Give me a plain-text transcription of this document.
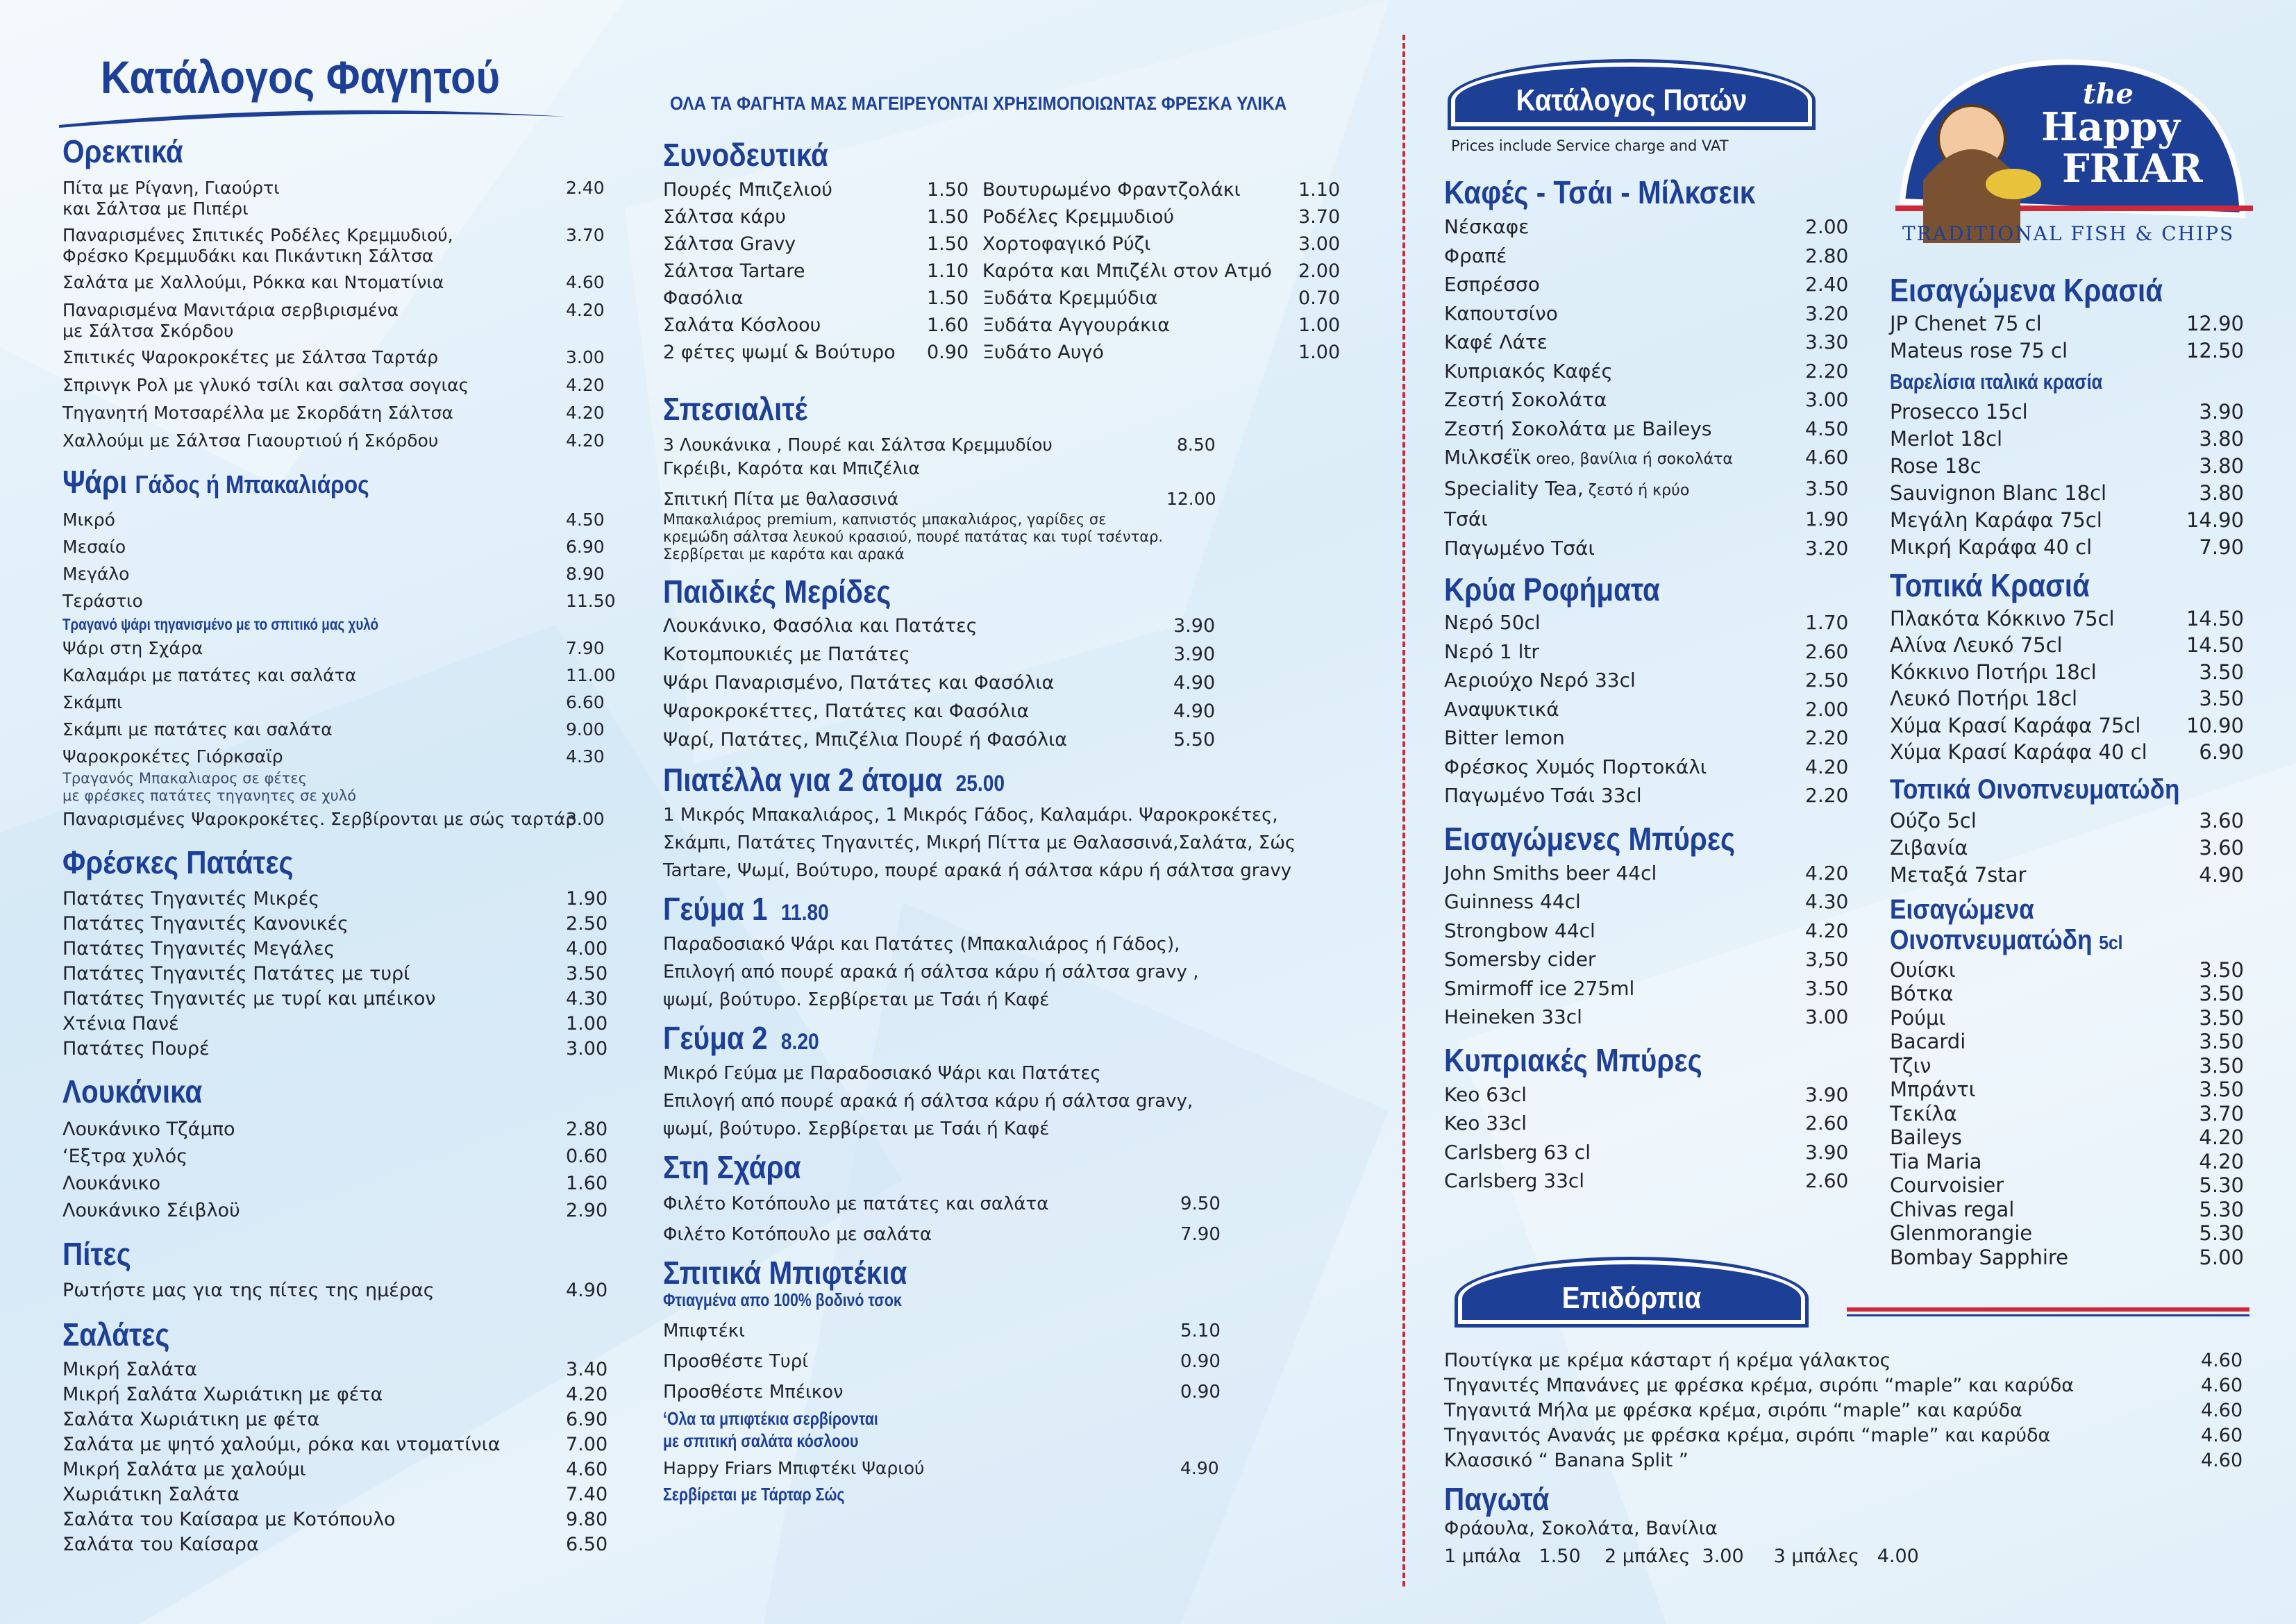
Κατάλογος Φαγητού
ΟΛΑ ΤΑ ΦΑΓΗΤΑ ΜΑΣ ΜΑΓΕΙΡΕΥΟΝΤΑΙ ΧΡΗΣΙΜΟΠΟΙΩΝΤΑΣ ΦΡΕΣΚΑ ΥΛΙΚΑ
Ορεκτικά
Πίτα με Ρίγανη, Γιαούρτι	2.40
και Σάλτσα με Πιπέρι
Παναρισμένες Σπιτικές Ροδέλες Κρεμμυδιού,	3.70
Φρέσκο Κρεμμυδάκι και Πικάντικη Σάλτσα
Σαλάτα με Χαλλούμι, Ρόκκα και Ντοματίνια	4.60
Παναρισμένα Μανιτάρια σερβιρισμένα	4.20
με Σάλτσα Σκόρδου
Σπιτικές Ψαροκροκέτες με Σάλτσα Ταρτάρ	3.00
Σπρινγκ Ρολ με γλυκό τσίλι και σαλτσα σογιας	4.20
Τηγανητή Μοτσαρέλλα με Σκορδάτη Σάλτσα	4.20
Χαλλούμι με Σάλτσα Γιαουρτιού ή Σκόρδου	4.20
Ψάρι Γάδος ή Μπακαλιάρος
Μικρό	4.50
Μεσαίο	6.90
Μεγάλο	8.90
Τεράστιο	11.50
Τραγανό ψάρι τηγανισμένο με το σπιτικό μας χυλό
Ψάρι στη Σχάρα	7.90
Καλαμάρι με πατάτες και σαλάτα	11.00
Σκάμπι	6.60
Σκάμπι με πατάτες και σαλάτα	9.00
Ψαροκροκέτες Γιόρκσαϊρ	4.30
Τραγανός Μπακαλιαρος σε φέτες
με φρέσκες πατάτες τηγανητες σε χυλό
Παναρισμένες Ψαροκροκέτες. Σερβίρονται με σώς ταρτάρ
3.00
Φρέσκες Πατάτες
Πατάτες Τηγανιτές Μικρές	1.90
Πατάτες Τηγανιτές Κανονικές	2.50
Πατάτες Τηγανιτές Μεγάλες	4.00
Πατάτες Τηγανιτές Πατάτες με τυρί	3.50
Πατάτες Τηγανιτές με τυρί και μπέικον	4.30
Χτένια Πανέ	1.00
Πατάτες Πουρέ	3.00
Λουκάνικα
Λουκάνικο Τζάμπο	2.80
‘Εξτρα χυλός	0.60
Λουκάνικο	1.60
Λουκάνικο Σέιβλοϋ	2.90
Πίτες
Ρωτήστε μας για της πίτες της ημέρας	4.90
Σαλάτες
Μικρή Σαλάτα	3.40
Μικρή Σαλάτα Χωριάτικη με φέτα	4.20
Σαλάτα Χωριάτικη με φέτα	6.90
Σαλάτα με ψητό χαλούμι, ρόκα και ντοματίνια	7.00
Μικρή Σαλάτα με χαλούμι	4.60
Χωριάτικη Σαλάτα	7.40
Σαλάτα του Καίσαρα με Κοτόπουλο	9.80
Σαλάτα του Καίσαρα	6.50
Συνοδευτικά
Πουρές Μπιζελιού	1.50
Σάλτσα κάρυ	1.50
Σάλτσα Gravy	1.50
Σάλτσα Tartare	1.10
Φασόλια	1.50
Σαλάτα Κόσλοου	1.60
2 φέτες ψωμί & Βούτυρο 0.90
Βουτυρωμένο Φραντζολάκι	1.10
Ροδέλες Κρεμμυδιού	3.70
Χορτοφαγικό Ρύζι	3.00
Καρότα και Μπιζέλι στον Ατμό 2.00
Ξυδάτα Κρεμμύδια	0.70
Ξυδάτα Αγγουράκια	1.00
Ξυδάτο Αυγό	1.00
Σπεσιαλιτέ
3 Λουκάνικα , Πουρέ και Σάλτσα Κρεμμυδίου	8.50
Γκρέιβι, Καρότα και Μπιζέλια
Σπιτική Πίτα με θαλασσινά	12.00
Μπακαλιάρος premium, καπνιστός μπακαλιάρος, γαρίδες σε
κρεμώδη σάλτσα λευκού κρασιού, πουρέ πατάτας και τυρί τσένταρ.
Σερβίρεται με καρότα και αρακά
Παιδικές Μερίδες
Λουκάνικο, Φασόλια και Πατάτες	3.90
Κοτομπουκιές με Πατάτες	3.90
Ψάρι Παναρισμένο, Πατάτες και Φασόλια	4.90
Ψαροκροκέττες, Πατάτες και Φασόλια	4.90
Ψαρί, Πατάτες, Μπιζέλια Πουρέ ή Φασόλια	5.50
Πιατέλλα για 2 άτομα 25.00
1 Μικρός Μπακαλιάρος, 1 Μικρός Γάδος, Καλαμάρι. Ψαροκροκέτες,
Σκάμπι, Πατάτες Τηγανιτές, Μικρή Πίττα με Θαλασσινά,Σαλάτα, Σώς
Tartare, Ψωμί, Βούτυρο, πουρέ αρακά ή σάλτσα κάρυ ή σάλτσα gravy
Γεύμα 1 11.80
Παραδοσιακό Ψάρι και Πατάτες (Μπακαλιάρος ή Γάδος),
Επιλογή από πουρέ αρακά ή σάλτσα κάρυ ή σάλτσα gravy ,
ψωμί, βούτυρο. Σερβίρεται με Τσάι ή Καφέ
Γεύμα 2 8.20
Μικρό Γεύμα με Παραδοσιακό Ψάρι και Πατάτες
Επιλογή από πουρέ αρακά ή σάλτσα κάρυ ή σάλτσα gravy,
ψωμί, βούτυρο. Σερβίρεται με Τσάι ή Καφέ
Στη Σχάρα
Φιλέτο Κοτόπουλο με πατάτες και σαλάτα	9.50
Φιλέτο Κοτόπουλο με σαλάτα	7.90
Σπιτικά Μπιφτέκια
Φτιαγμένα απο 100% βοδινό τσοκ
Μπιφτέκι	5.10
Προσθέστε Τυρί	0.90
Προσθέστε Μπέικον	0.90
‘Ολα τα μπιφτέκια σερβίρονται
με σπιτική σαλάτα κόσλοου
Happy Friars Μπιφτέκι Ψαριού	4.90
Σερβίρεται με Τάρταρ Σώς
Κατάλογος Ποτών
Prices include Service charge and VAT
Καφές - Τσάι - Μίλκσεικ
Νέσκαφε	2.00
Φραπέ	2.80
Εσπρέσσο	2.40
Καπουτσίνο	3.20
Καφέ Λάτε	3.30
Κυπριακός Καφές	2.20
Ζεστή Σοκολάτα	3.00
Ζεστή Σοκολάτα με Baileys	4.50
Μιλκσέϊκ oreo, βανίλια ή σοκολάτα	4.60
Speciality Tea, ζεστό ή κρύο	3.50
Τσάι	1.90
Παγωμένο Τσάι	3.20
Κρύα Ροφήματα
Νερό 50cl	1.70
Νερό 1 ltr	2.60
Αεριούχο Νερό 33cl	2.50
Αναψυκτικά	2.00
Bitter lemon	2.20
Φρέσκος Χυμός Πορτοκάλι	4.20
Παγωμένο Τσάι 33cl	2.20
Εισαγώμενες Μπύρες
John Smiths beer 44cl	4.20
Guinness 44cl	4.30
Strongbow 44cl	4.20
Somersby cider	3,50
Smirmoff ice 275ml	3.50
Heineken 33cl	3.00
Κυπριακές Μπύρες
Keo 63cl	3.90
Keo 33cl	2.60
Carlsberg 63 cl	3.90
Carlsberg 33cl	2.60
Επιδόρπια
Πουτίγκα με κρέμα κάσταρτ ή κρέμα γάλακτος	4.60
Τηγανιτές Μπανάνες με φρέσκα κρέμα, σιρόπι “maple” και καρύδα	4.60
Τηγανιτά Μήλα με φρέσκα κρέμα, σιρόπι “maple” και καρύδα	4.60
Τηγανιτός Ανανάς με φρέσκα κρέμα, σιρόπι “maple” και καρύδα	4.60
Κλασσικό “ Banana Split ”	4.60
Παγωτά
Φράουλα, Σοκολάτα, Βανίλια
1 μπάλα   1.50    2 μπάλες  3.00     3 μπάλες   4.00
the
Happy
FRIAR
TRADITIONAL FISH & CHIPS
Εισαγώμενα Κρασιά
JP Chenet 75 cl	12.90
Mateus rose 75 cl	12.50
Βαρελίσια ιταλικά κρασία
Prosecco 15cl	3.90
Merlot 18cl	3.80
Rose 18c	3.80
Sauvignon Blanc 18cl	3.80
Μεγάλη Καράφα 75cl	14.90
Μικρή Καράφα 40 cl	7.90
Τοπικά Κρασιά
Πλακότα Κόκκινο 75cl	14.50
Αλίνα Λευκό 75cl	14.50
Κόκκινο Ποτήρι 18cl	3.50
Λευκό Ποτήρι 18cl	3.50
Χύμα Κρασί Καράφα 75cl 10.90
Χύμα Κρασί Καράφα 40 cl	6.90
Τοπικά Οινοπνευματώδη
Ούζο 5cl	3.60
Ζιβανία	3.60
Μεταξά 7star	4.90
Εισαγώμενα
Οινοπνευματώδη 5cl
Ουίσκι	3.50
Βότκα	3.50
Ρούμι	3.50
Bacardi	3.50
Τζιν	3.50
Μπράντι	3.50
Τεκίλα	3.70
Baileys	4.20
Tia Maria	4.20
Courvoisier	5.30
Chivas regal	5.30
Glenmorangie	5.30
Bombay Sapphire	5.00
